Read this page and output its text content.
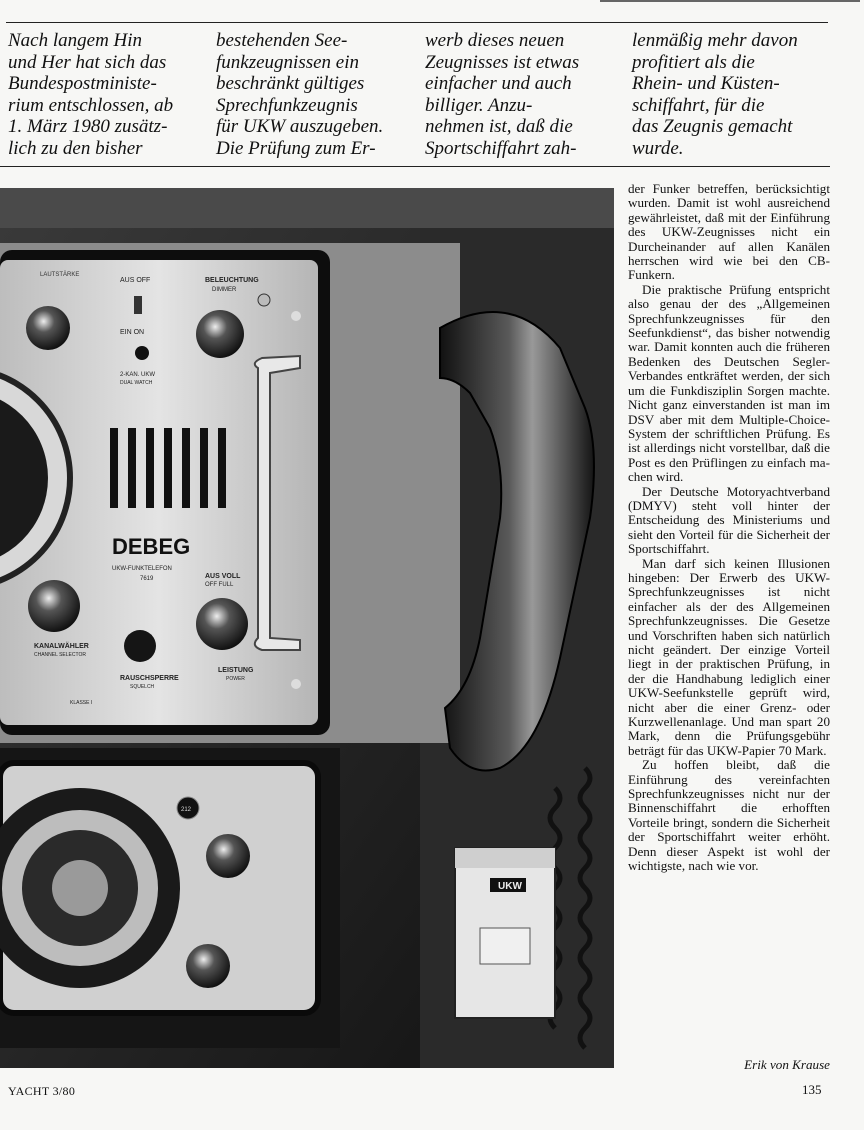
Nach langem Hin
und Her hat sich das
Bundespostministe-
rium entschlossen, ab
1. März 1980 zusätz-
lich zu den bisher
bestehenden See-
funkzeugnissen ein
beschränkt gültiges
Sprechfunkzeugnis
für UKW auszugeben.
Die Prüfung zum Er-
werb dieses neuen
Zeugnisses ist etwas
einfacher und auch
billiger. Anzu-
nehmen ist, daß die
Sportschiffahrt zah-
lenmäßig mehr davon
profitiert als die
Rhein- und Küsten-
schiffahrt, für die
das Zeugnis gemacht
wurde.
LAUTSTÄRKE
AUS OFF
EIN ON
BELEUCHTUNG
DIMMER
2-KAN. UKW
DUAL WATCH
DEBEG
UKW-FUNKTELEFON
7619	AUS VOLL
OFF FULL
KANALWÄHLER
CHANNEL SELECTOR
RAUSCHSPERRE
SQUELCH
LEISTUNG
POWER
KLASSE I
212
UKW

der Funker betreffen, berücksichtigt wurden. Damit ist wohl ausreichend gewährleistet, daß mit der Einführung des UKW-Zeugnisses nicht ein Durcheinander auf allen Kanälen herrschen wird wie bei den CB-Funkern.

Die praktische Prüfung entspricht also genau der des „Allgemeinen Sprechfunkzeugnisses für den Seefunkdienst“, das bisher notwendig war. Damit konnten auch die früheren Bedenken des Deutschen Segler-Verbandes entkräftet werden, der sich um die Funkdisziplin Sorgen machte. Nicht ganz einverstanden ist man im DSV aber mit dem Multiple-Choice-System der schriftlichen Prüfung. Es ist allerdings nicht vorstellbar, daß die Post es den Prüflingen zu einfach machen wird.

Der Deutsche Motoryachtverband (DMYV) steht voll hinter der Entscheidung des Ministeriums und sieht den Vorteil für die Sicherheit der Sportschiffahrt.

Man darf sich keinen Illusionen hingeben: Der Erwerb des UKW-Sprechfunkzeugnisses ist nicht einfacher als der des Allgemeinen Sprechfunkzeugnisses. Die Gesetze und Vorschriften haben sich natürlich nicht geändert. Der einzige Vorteil liegt in der praktischen Prüfung, in der die Handhabung lediglich einer UKW-Seefunkstelle geprüft wird, nicht aber die einer Grenz- oder Kurzwellenanlage. Und man spart 20 Mark, denn die Prüfungsgebühr beträgt für das UKW-Papier 70 Mark.

Zu hoffen bleibt, daß die Einführung des vereinfachten Sprechfunkzeugnisses nicht nur der Binnenschiffahrt die erhofften Vorteile bringt, sondern die Sicherheit der Sportschiffahrt weiter erhöht. Denn dieser Aspekt ist wohl der wichtigste, nach wie vor.

Erik von Krause
YACHT 3/80	135
